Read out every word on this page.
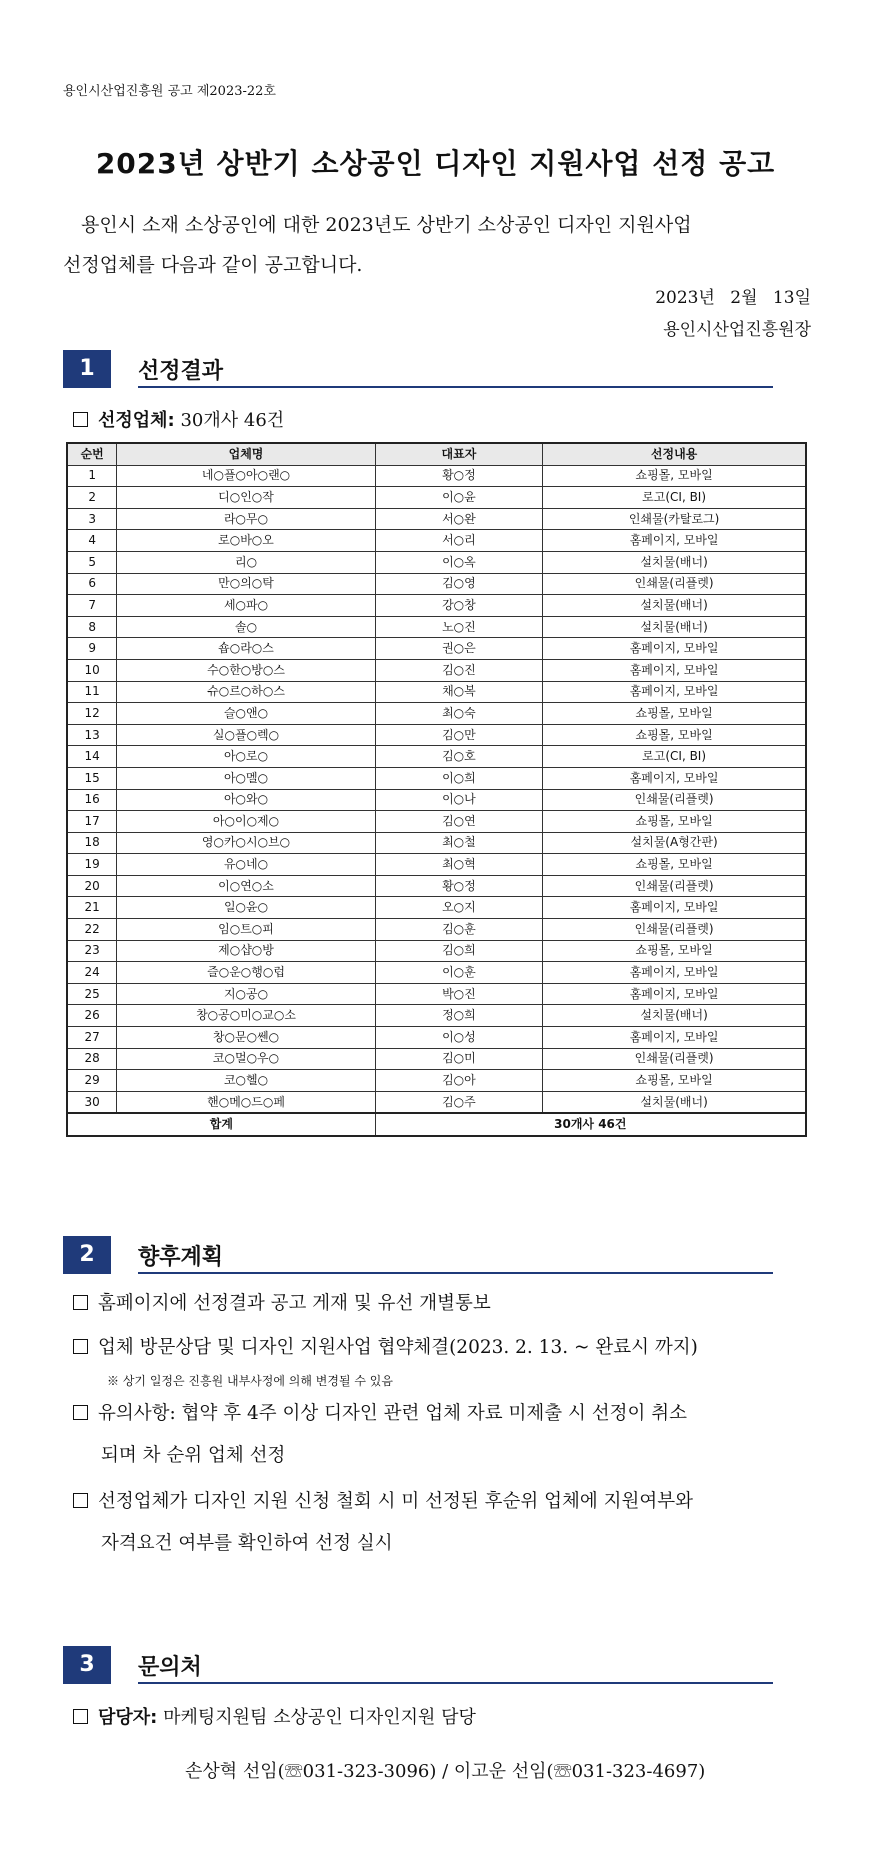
용인시산업진흥원 공고 제2023-22호
2023년 상반기 소상공인 디자인 지원사업 선정 공고
용인시 소재 소상공인에 대한 2023년도 상반기 소상공인 디자인 지원사업
선정업체를 다음과 같이 공고합니다.
2023년 2월 13일
용인시산업진흥원장
1	선정결과
선정업체: 30개사 46건
순번	업체명	대표자	선정내용
1	네○플○아○랜○	황○정	쇼핑몰, 모바일
2	디○인○작	이○윤	로고(CI, BI)
3	라○무○	서○완	인쇄물(카탈로그)
4	로○바○오	서○리	홈페이지, 모바일
5	리○	이○옥	설치물(배너)
6	만○의○탁	김○영	인쇄물(리플렛)
7	세○파○	강○창	설치물(배너)
8	솔○	노○진	설치물(배너)
9	숍○라○스	권○은	홈페이지, 모바일
10	수○한○방○스	김○진	홈페이지, 모바일
11	슈○르○하○스	채○복	홈페이지, 모바일
12	슬○앤○	최○숙	쇼핑몰, 모바일
13	실○플○렉○	김○만	쇼핑몰, 모바일
14	아○로○	김○호	로고(CI, BI)
15	아○멜○	이○희	홈페이지, 모바일
16	아○와○	이○나	인쇄물(리플렛)
17	아○이○제○	김○연	쇼핑몰, 모바일
18	영○카○시○브○	최○철	설치물(A형간판)
19	유○네○	최○혁	쇼핑몰, 모바일
20	이○연○소	황○정	인쇄물(리플렛)
21	일○윤○	오○지	홈페이지, 모바일
22	임○트○피	김○훈	인쇄물(리플렛)
23	제○샵○방	김○희	쇼핑몰, 모바일
24	즐○운○행○럽	이○훈	홈페이지, 모바일
25	지○공○	박○진	홈페이지, 모바일
26	창○공○미○교○소	정○희	설치물(배너)
27	창○문○쎈○	이○성	홈페이지, 모바일
28	코○멀○우○	김○미	인쇄물(리플렛)
29	코○헬○	김○아	쇼핑몰, 모바일
30	핸○메○드○페	김○주	설치물(배너)
합계		30개사 46건	
2	향후계획
홈페이지에 선정결과 공고 게재 및 유선 개별통보
업체 방문상담 및 디자인 지원사업 협약체결(2023. 2. 13. ~ 완료시 까지)
※ 상기 일정은 진흥원 내부사정에 의해 변경될 수 있음
유의사항: 협약 후 4주 이상 디자인 관련 업체 자료 미제출 시 선정이 취소
되며 차 순위 업체 선정
선정업체가 디자인 지원 신청 철회 시 미 선정된 후순위 업체에 지원여부와
자격요건 여부를 확인하여 선정 실시
3	문의처
담당자: 마케팅지원팀 소상공인 디자인지원 담당
손상혁 선임(☏031-323-3096) / 이고운 선임(☏031-323-4697)
